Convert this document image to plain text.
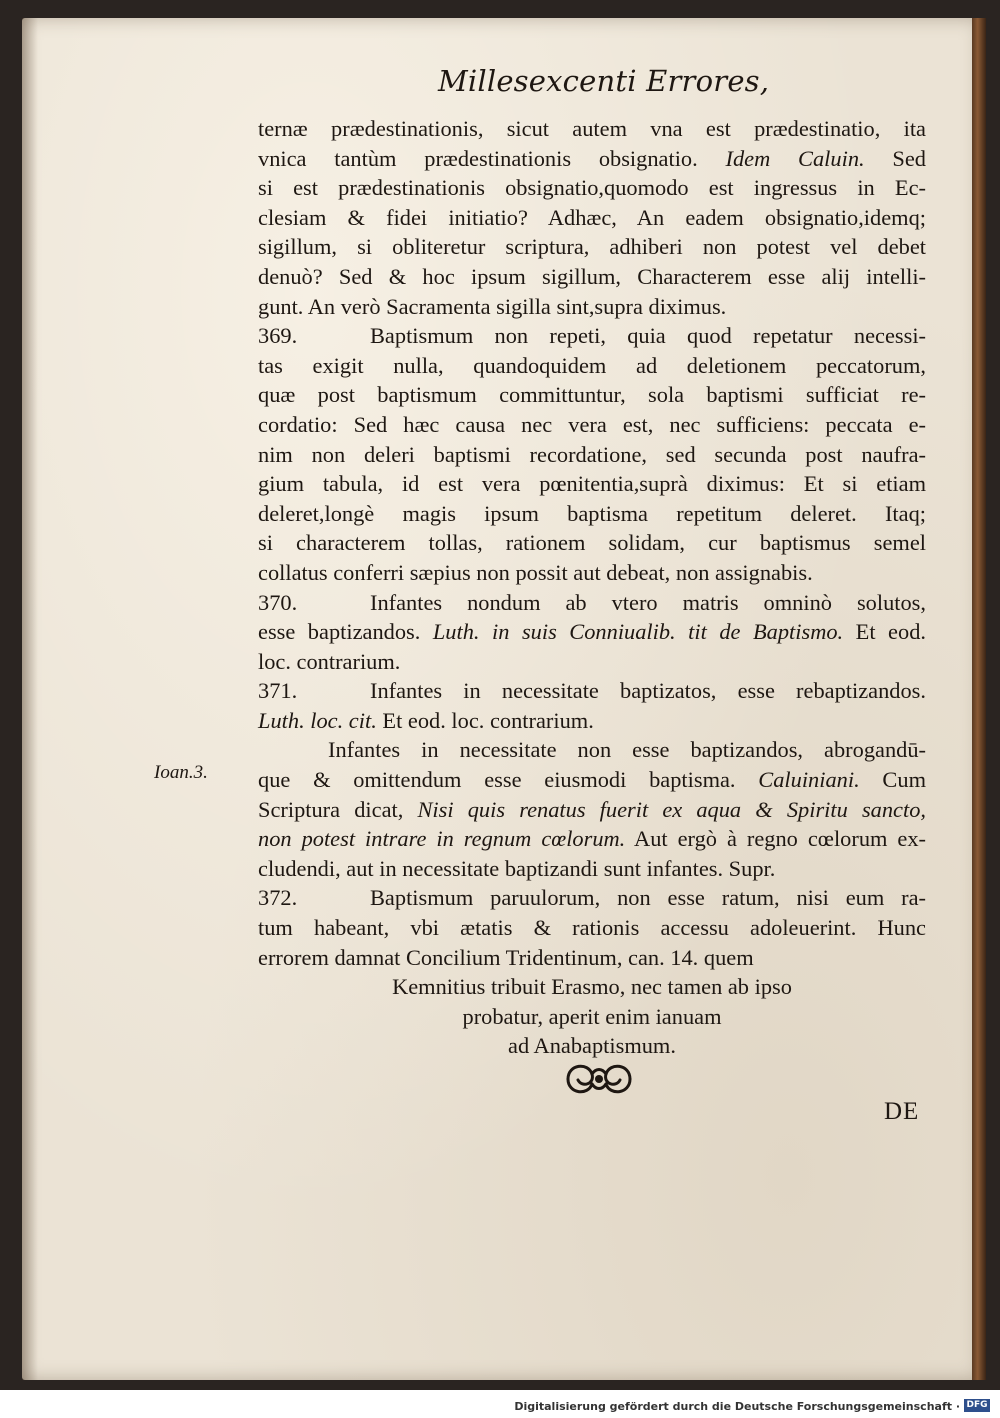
Millesexcenti Errores,
Ioan.3.
ternæ prædestinationis, sicut autem vna est prædestinatio, ita
vnica tantùm prædestinationis obsignatio. Idem Caluin. Sed
si est prædestinationis obsignatio,quomodo est ingressus in Ec-
clesiam & fidei initiatio? Adhæc, An eadem obsignatio,idemq;
sigillum, si obliteretur scriptura, adhiberi non potest vel debet
denuò? Sed & hoc ipsum sigillum, Characterem esse alij intelli-
gunt. An verò Sacramenta sigilla sint,supra diximus.
369.	Baptismum non repeti, quia quod repetatur necessi-
tas exigit nulla, quandoquidem ad deletionem peccatorum,
quæ post baptismum committuntur, sola baptismi sufficiat re-
cordatio: Sed hæc causa nec vera est, nec sufficiens: peccata e-
nim non deleri baptismi recordatione, sed secunda post naufra-
gium tabula, id est vera pœnitentia,suprà diximus: Et si etiam
deleret,longè magis ipsum baptisma repetitum deleret. Itaq;
si characterem tollas, rationem solidam, cur baptismus semel
collatus conferri sæpius non possit aut debeat, non assignabis.
370.	Infantes nondum ab vtero matris omninò solutos,
esse baptizandos. Luth. in suis Conniualib. tit de Baptismo. Et eod.
loc. contrarium.
371.	Infantes in necessitate baptizatos, esse rebaptizandos.
Luth. loc. cit. Et eod. loc. contrarium.
Infantes in necessitate non esse baptizandos, abrogandū-
que & omittendum esse eiusmodi baptisma. Caluiniani. Cum
Scriptura dicat, Nisi quis renatus fuerit ex aqua & Spiritu sancto,
non potest intrare in regnum cœlorum. Aut ergò à regno cœlorum ex-
cludendi, aut in necessitate baptizandi sunt infantes. Supr.
372.	Baptismum paruulorum, non esse ratum, nisi eum ra-
tum habeant, vbi ætatis & rationis accessu adoleuerint. Hunc
errorem damnat Concilium Tridentinum, can. 14. quem
Kemnitius tribuit Erasmo, nec tamen ab ipso
probatur, aperit enim ianuam
ad Anabaptismum.
DE
Digitalisierung gefördert durch die Deutsche Forschungsgemeinschaft · DFG
